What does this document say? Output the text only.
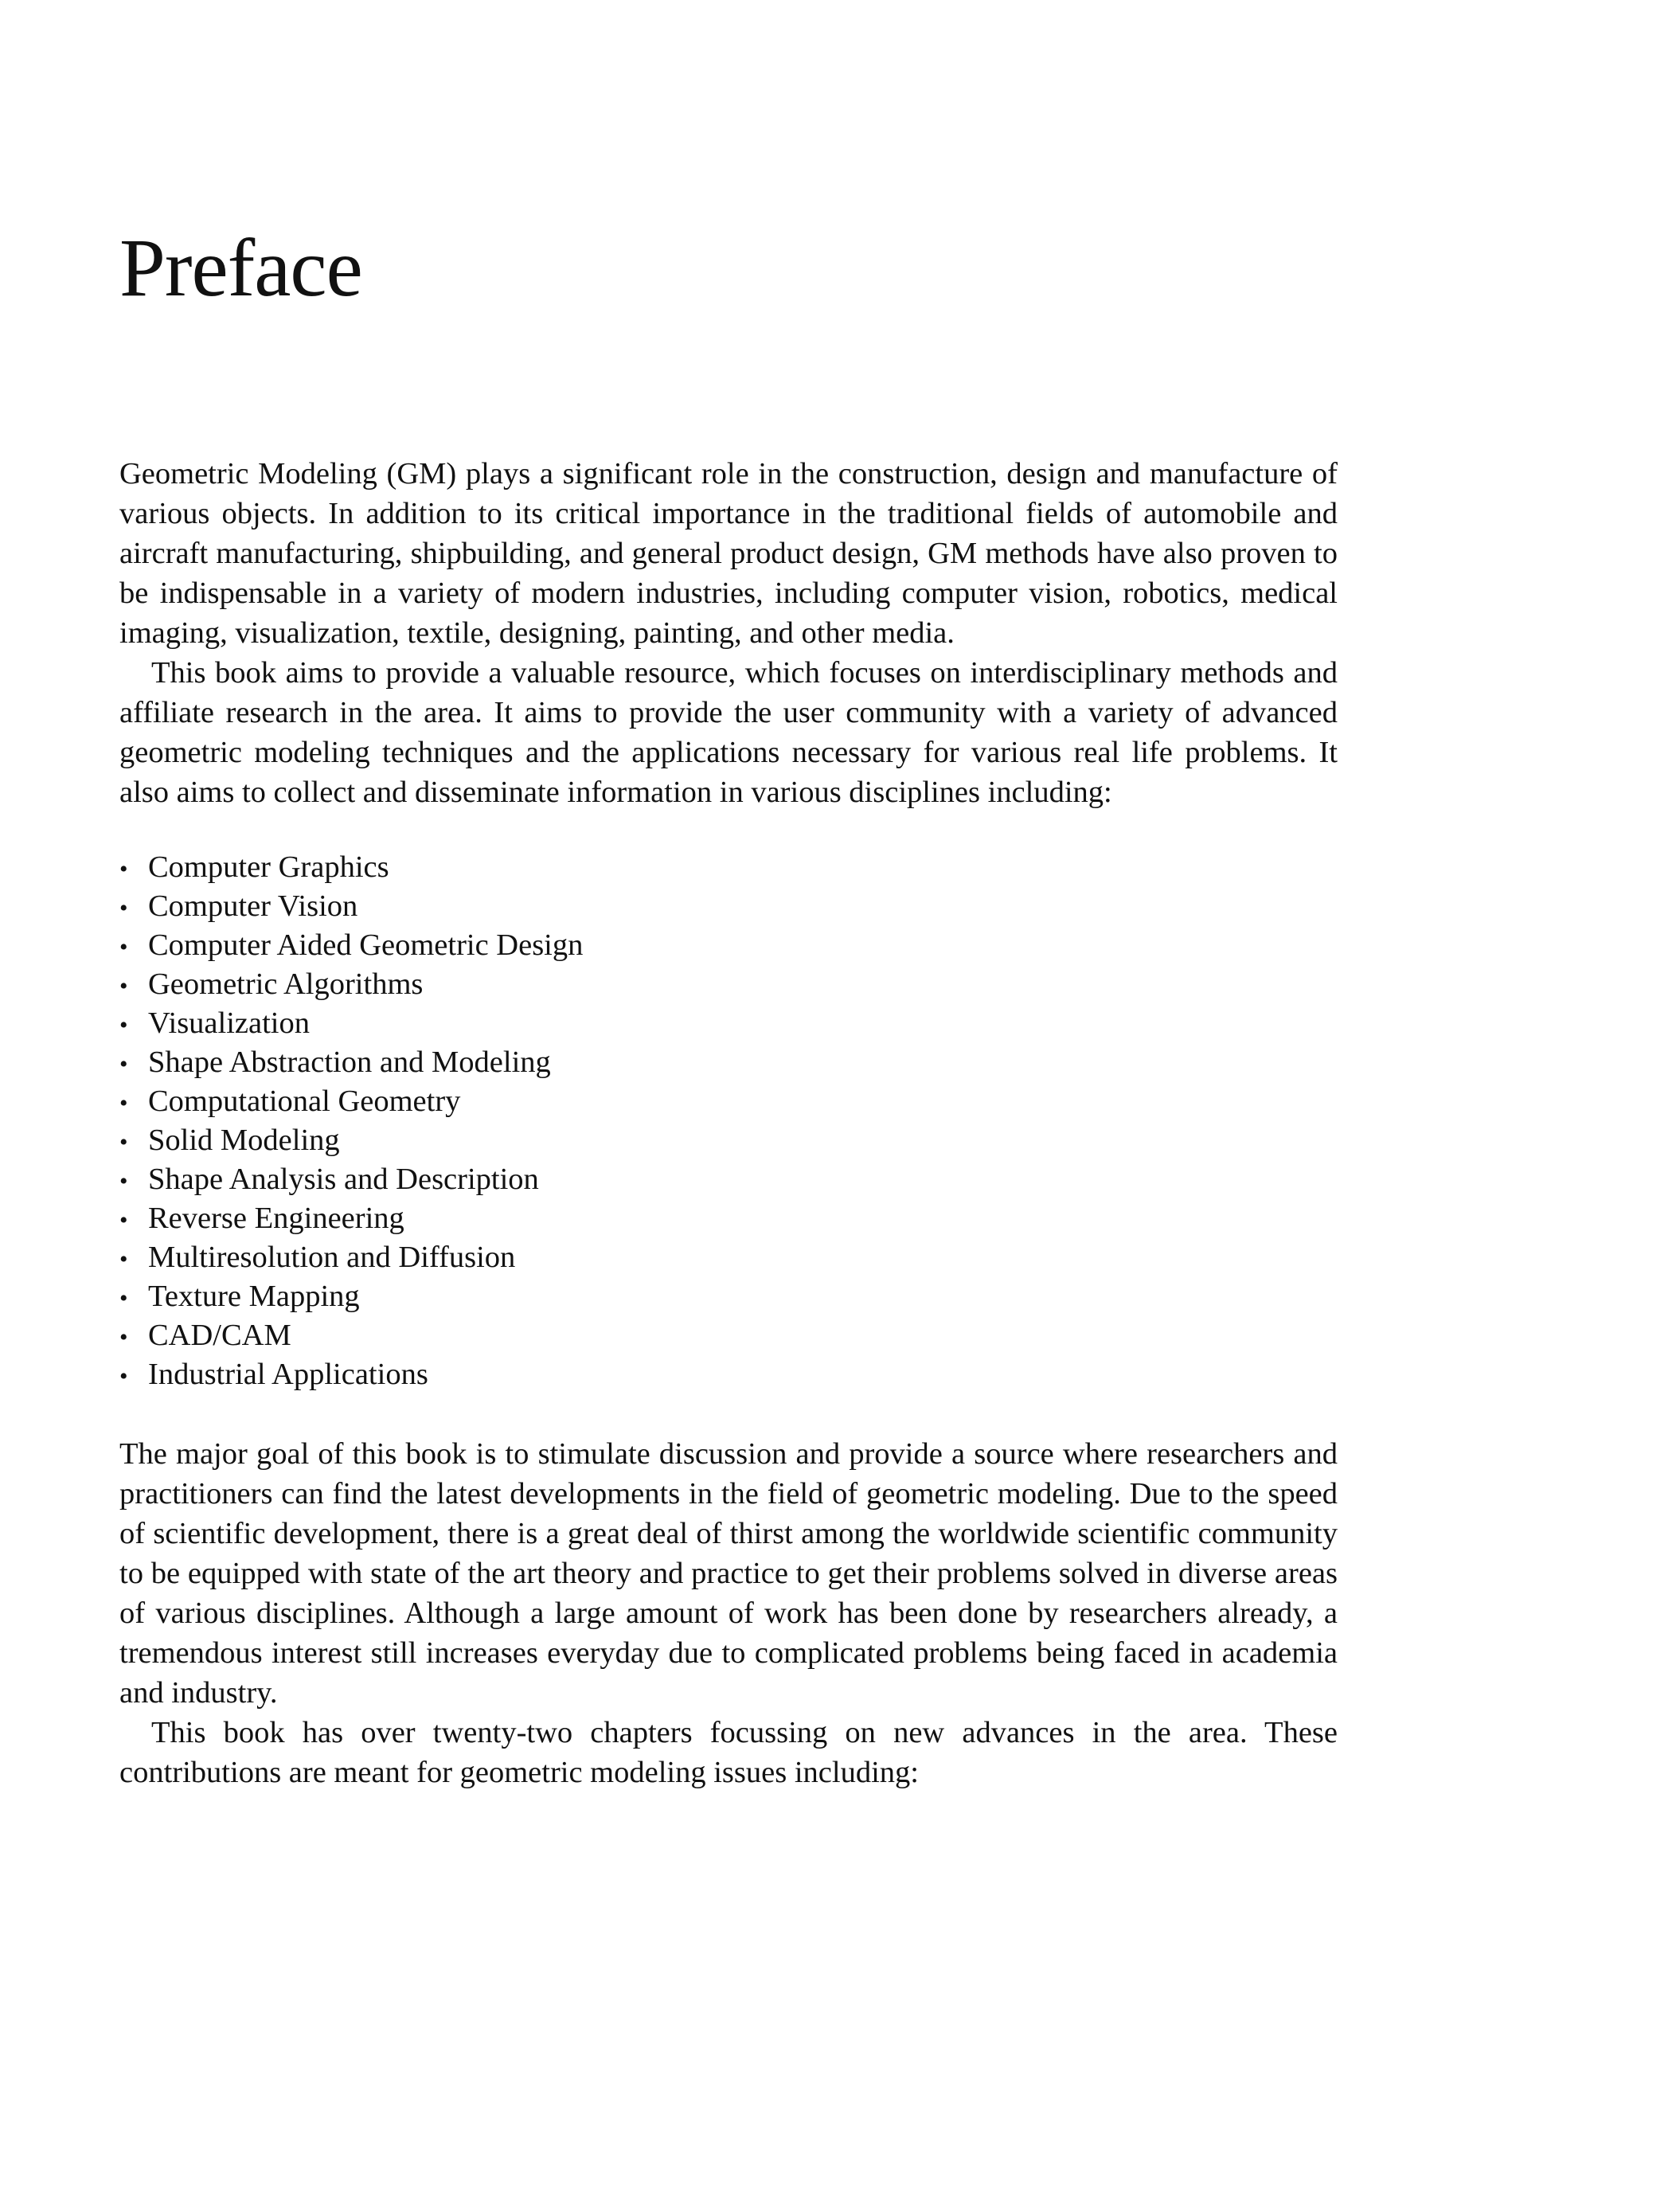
Preface

Geometric Modeling (GM) plays a significant role in the construction, design and manufacture of various objects. In addition to its critical importance in the traditional fields of automobile and aircraft manufacturing, shipbuilding, and general product design, GM methods have also proven to be indispensable in a variety of modern industries, including computer vision, robotics, medical imaging, visualization, textile, designing, painting, and other media.

This book aims to provide a valuable resource, which focuses on interdisciplinary methods and affiliate research in the area. It aims to provide the user community with a variety of advanced geometric modeling techniques and the applications necessary for various real life problems. It also aims to collect and disseminate information in various disciplines including:

• Computer Graphics
• Computer Vision
• Computer Aided Geometric Design
• Geometric Algorithms
• Visualization
• Shape Abstraction and Modeling
• Computational Geometry
• Solid Modeling
• Shape Analysis and Description
• Reverse Engineering
• Multiresolution and Diffusion
• Texture Mapping
• CAD/CAM
• Industrial Applications

The major goal of this book is to stimulate discussion and provide a source where researchers and practitioners can find the latest developments in the field of geometric modeling. Due to the speed of scientific development, there is a great deal of thirst among the worldwide scientific community to be equipped with state of the art theory and practice to get their problems solved in diverse areas of various disciplines. Although a large amount of work has been done by researchers already, a tremendous interest still increases everyday due to complicated problems being faced in academia and industry.

This book has over twenty-two chapters focussing on new advances in the area. These contributions are meant for geometric modeling issues including:
